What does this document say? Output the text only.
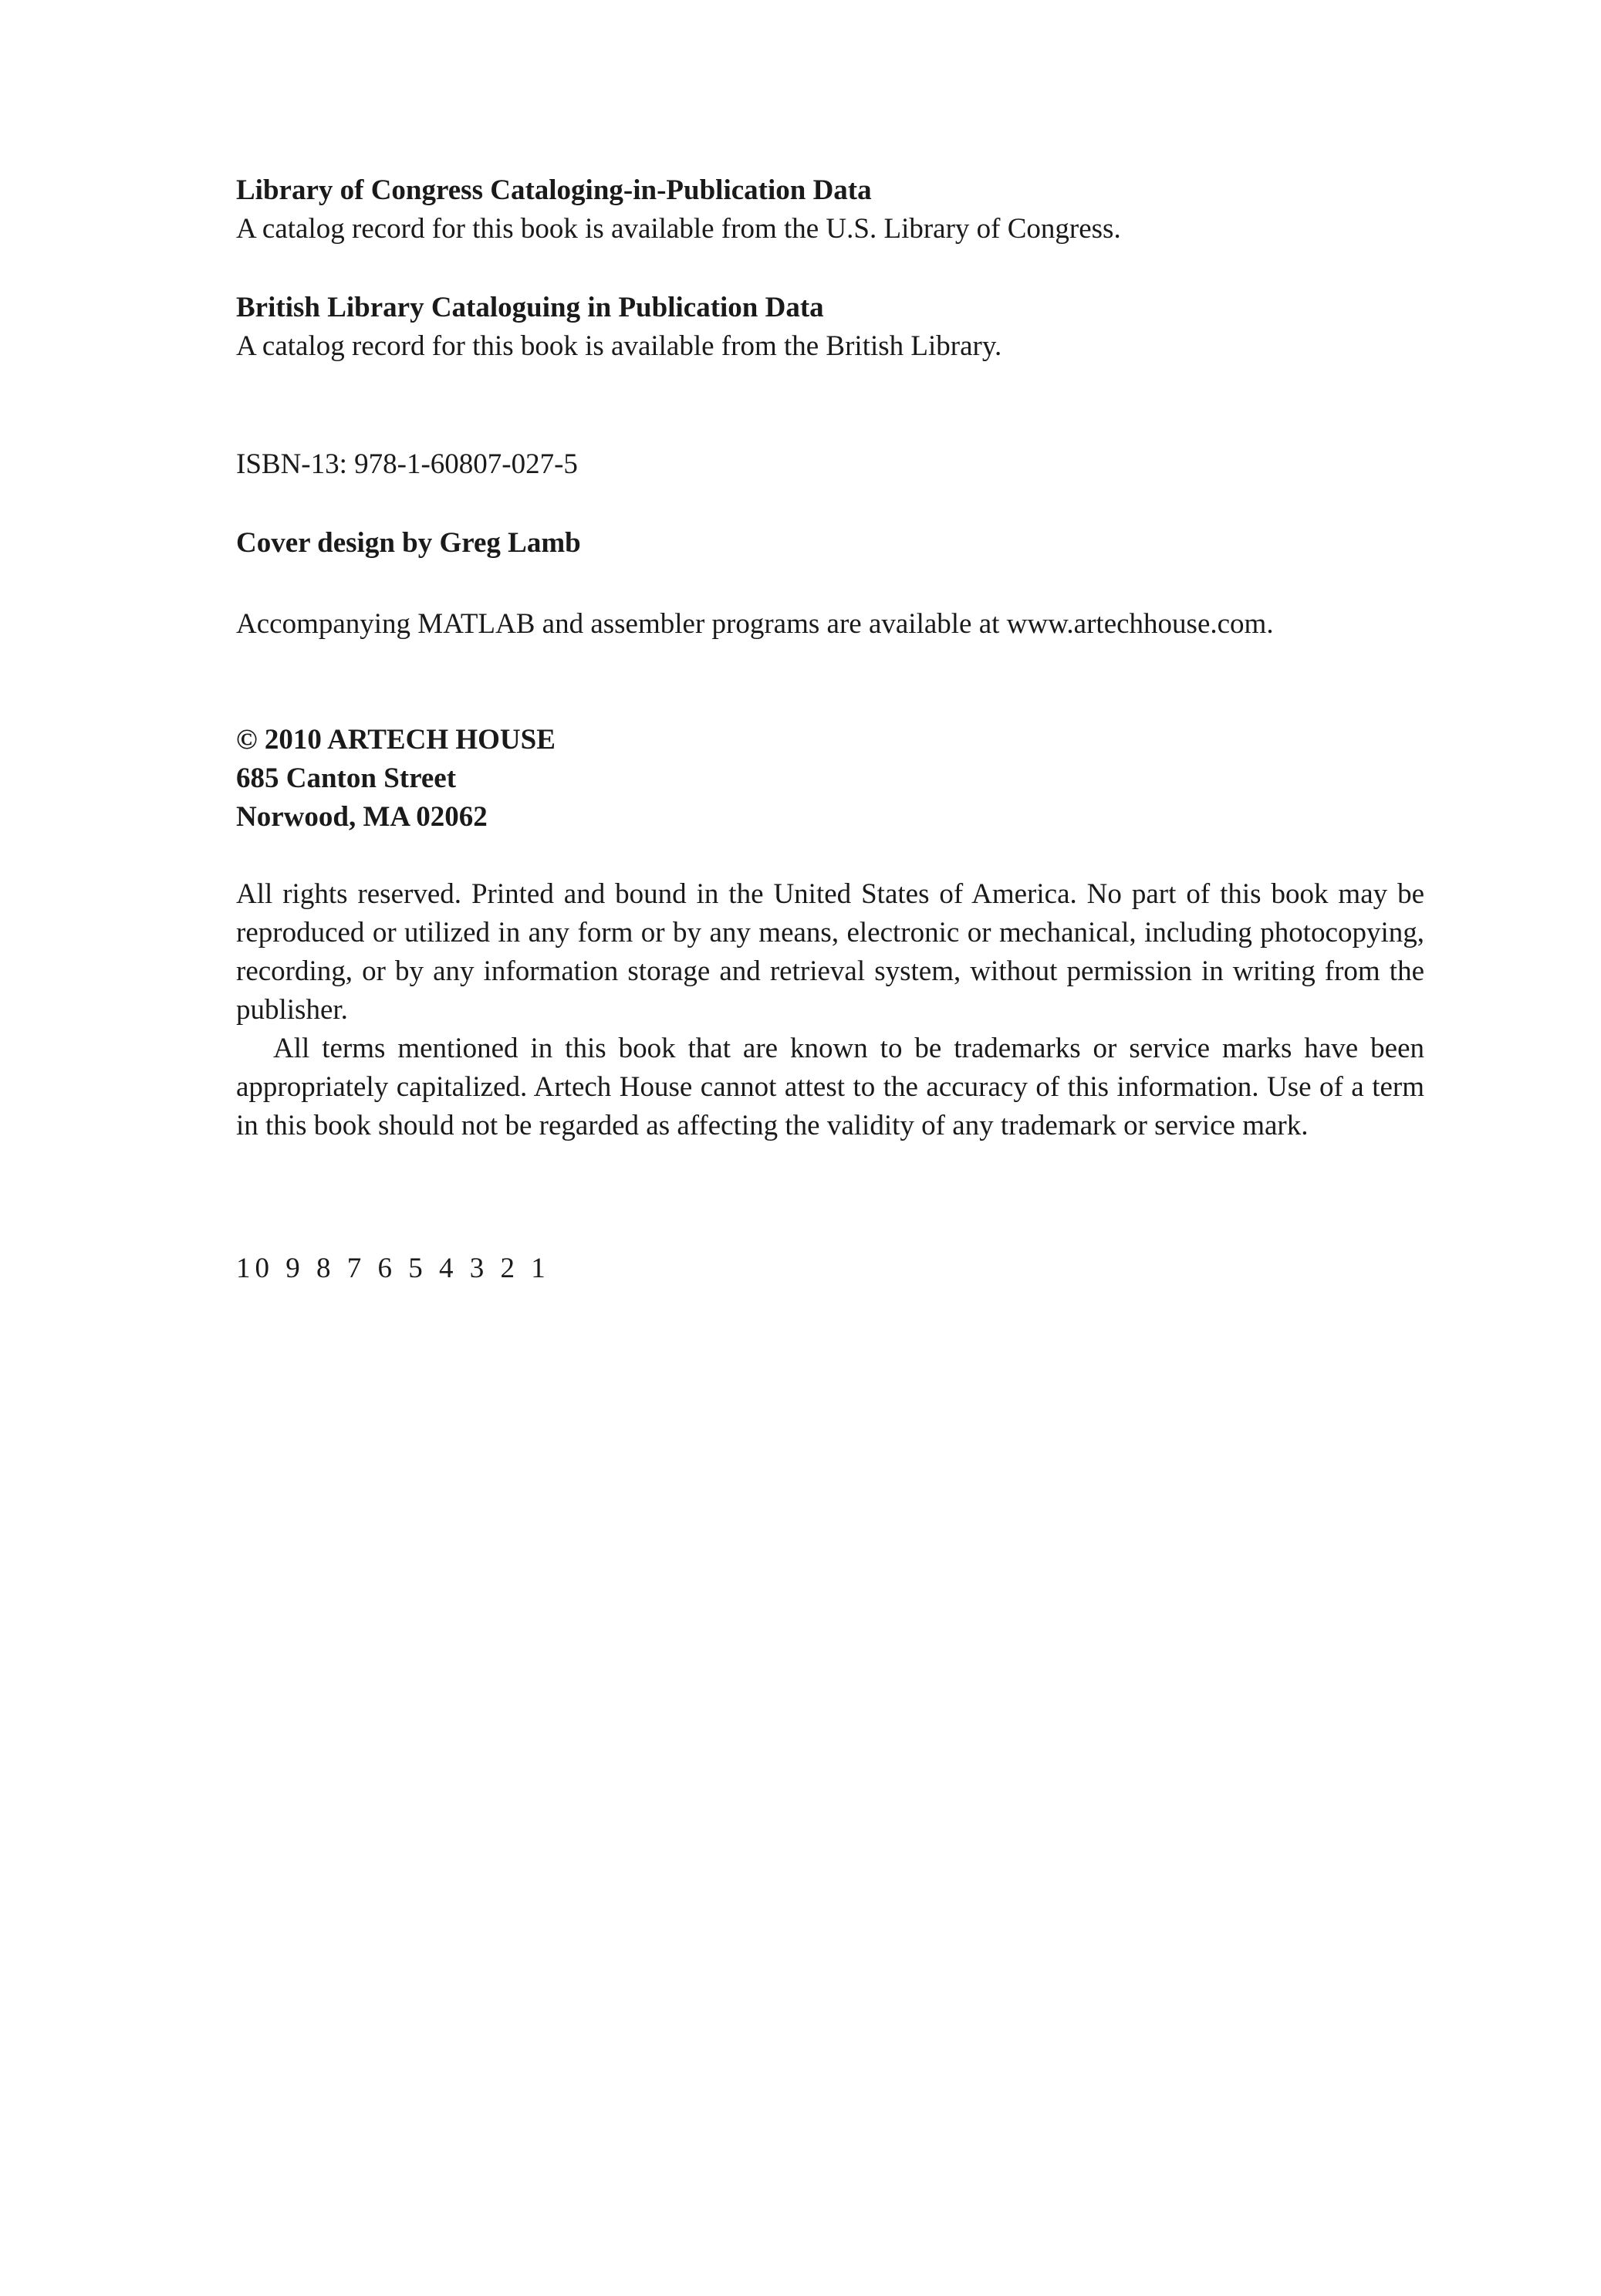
Library of Congress Cataloging-in-Publication Data

A catalog record for this book is available from the U.S. Library of Congress.

British Library Cataloguing in Publication Data

A catalog record for this book is available from the British Library.

ISBN-13: 978-1-60807-027-5

Cover design by Greg Lamb

Accompanying MATLAB and assembler programs are available at www.artechhouse.com.

© 2010 ARTECH HOUSE

685 Canton Street

Norwood, MA 02062

All rights reserved. Printed and bound in the United States of America. No part of this book may be reproduced or utilized in any form or by any means, electronic or mechanical, including photocopying, recording, or by any information storage and retrieval system, without permission in writing from the publisher.

All terms mentioned in this book that are known to be trademarks or service marks have been appropriately capitalized. Artech House cannot attest to the accuracy of this information. Use of a term in this book should not be regarded as affecting the validity of any trademark or service mark.

10 9 8 7 6 5 4 3 2 1
